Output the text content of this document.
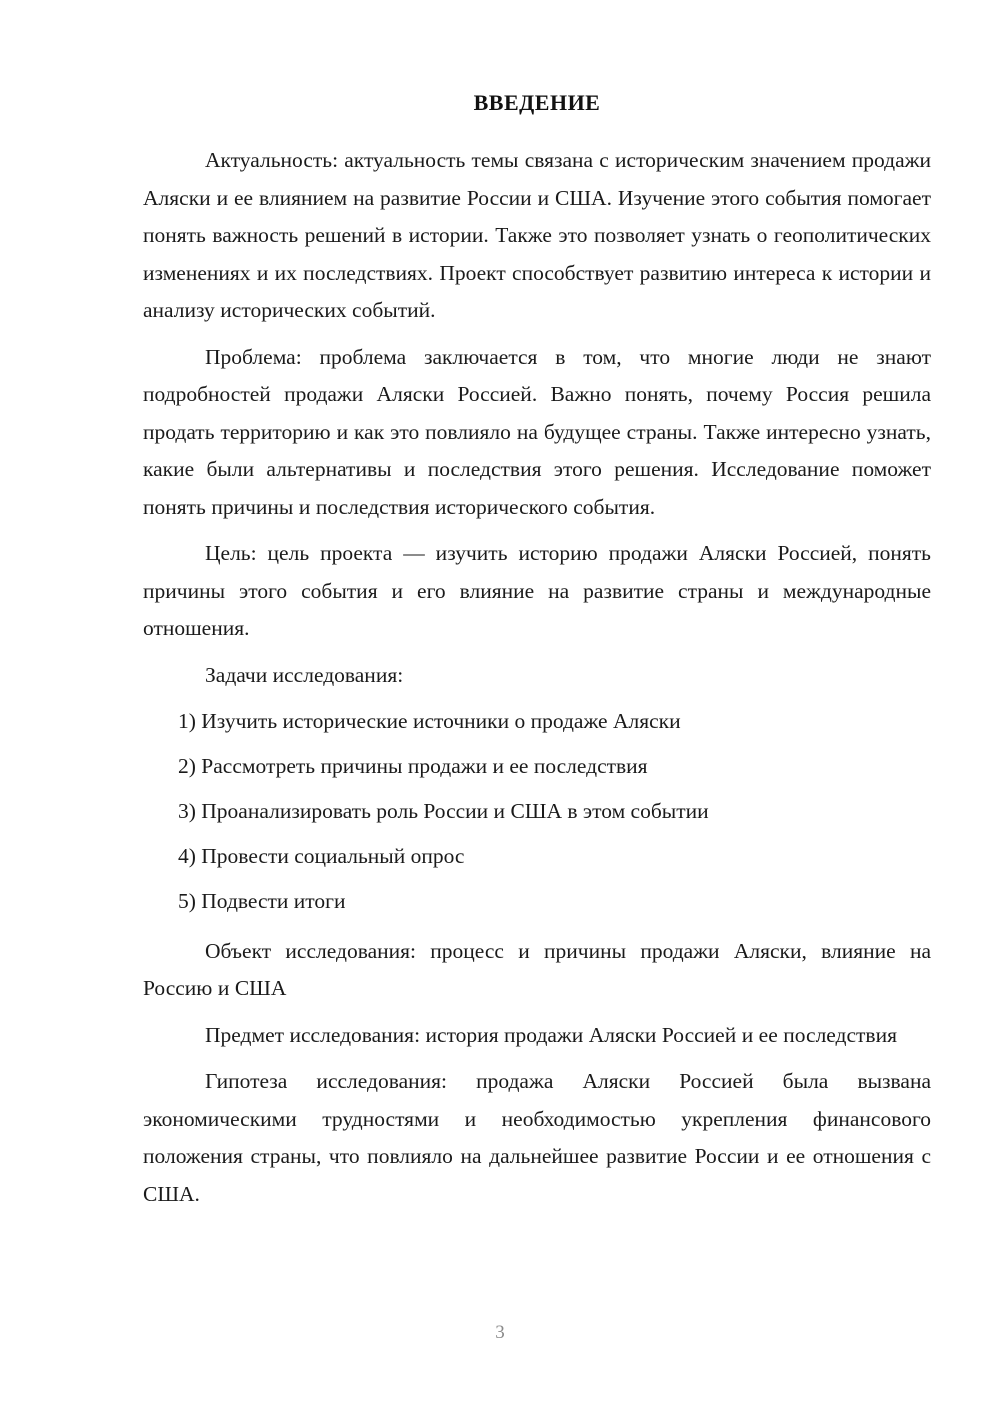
ВВЕДЕНИЕ

Актуальность: актуальность темы связана с историческим значением продажи Аляски и ее влиянием на развитие России и США. Изучение этого события помогает понять важность решений в истории. Также это позволяет узнать о геополитических изменениях и их последствиях. Проект способствует развитию интереса к истории и анализу исторических событий.

Проблема: проблема заключается в том, что многие люди не знают подробностей продажи Аляски Россией. Важно понять, почему Россия решила продать территорию и как это повлияло на будущее страны. Также интересно узнать, какие были альтернативы и последствия этого решения. Исследование поможет понять причины и последствия исторического события.

Цель: цель проекта — изучить историю продажи Аляски Россией, понять причины этого события и его влияние на развитие страны и международные отношения.

Задачи исследования:

1) Изучить исторические источники о продаже Аляски
2) Рассмотреть причины продажи и ее последствия
3) Проанализировать роль России и США в этом событии
4) Провести социальный опрос
5) Подвести итоги

Объект исследования: процесс и причины продажи Аляски, влияние на Россию и США

Предмет исследования: история продажи Аляски Россией и ее последствия

Гипотеза исследования: продажа Аляски Россией была вызвана экономическими трудностями и необходимостью укрепления финансового положения страны, что повлияло на дальнейшее развитие России и ее отношения с США.

3
